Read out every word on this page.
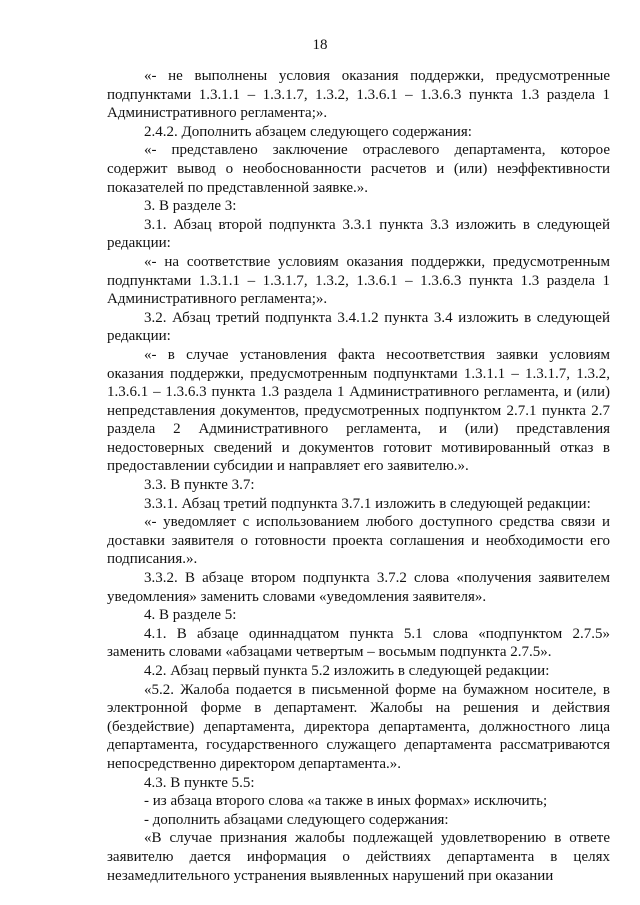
18

«- не выполнены условия оказания поддержки, предусмотренные подпунктами 1.3.1.1 – 1.3.1.7, 1.3.2, 1.3.6.1 – 1.3.6.3 пункта 1.3 раздела 1 Административного регламента;».

2.4.2. Дополнить абзацем следующего содержания:

«- представлено заключение отраслевого департамента, которое содержит вывод о необоснованности расчетов и (или) неэффективности показателей по представленной заявке.».

3. В разделе 3:

3.1. Абзац второй подпункта 3.3.1 пункта 3.3 изложить в следующей редакции:

«- на соответствие условиям оказания поддержки, предусмотренным подпунктами 1.3.1.1 – 1.3.1.7, 1.3.2, 1.3.6.1 – 1.3.6.3 пункта 1.3 раздела 1 Административного регламента;».

3.2. Абзац третий подпункта 3.4.1.2 пункта 3.4 изложить в следующей редакции:

«- в случае установления факта несоответствия заявки условиям оказания поддержки, предусмотренным подпунктами 1.3.1.1 – 1.3.1.7, 1.3.2, 1.3.6.1 – 1.3.6.3 пункта 1.3 раздела 1 Административного регламента, и (или) непредставления документов, предусмотренных подпунктом 2.7.1 пункта 2.7 раздела 2 Административного регламента, и (или) представления недостоверных сведений и документов готовит мотивированный отказ в предоставлении субсидии и направляет его заявителю.».

3.3. В пункте 3.7:

3.3.1. Абзац третий подпункта 3.7.1 изложить в следующей редакции:

«- уведомляет с использованием любого доступного средства связи и доставки заявителя о готовности проекта соглашения и необходимости его подписания.».

3.3.2. В абзаце втором подпункта 3.7.2 слова «получения заявителем уведомления» заменить словами «уведомления заявителя».

4. В разделе 5:

4.1. В абзаце одиннадцатом пункта 5.1 слова «подпунктом 2.7.5» заменить словами «абзацами четвертым – восьмым подпункта 2.7.5».

4.2. Абзац первый пункта 5.2 изложить в следующей редакции:

«5.2. Жалоба подается в письменной форме на бумажном носителе, в электронной форме в департамент. Жалобы на решения и действия (бездействие) департамента, директора департамента, должностного лица департамента, государственного служащего департамента рассматриваются непосредственно директором департамента.».

4.3. В пункте 5.5:

- из абзаца второго слова «а также в иных формах» исключить;

- дополнить абзацами следующего содержания:

«В случае признания жалобы подлежащей удовлетворению в ответе заявителю дается информация о действиях департамента в целях незамедлительного устранения выявленных нарушений при оказании
